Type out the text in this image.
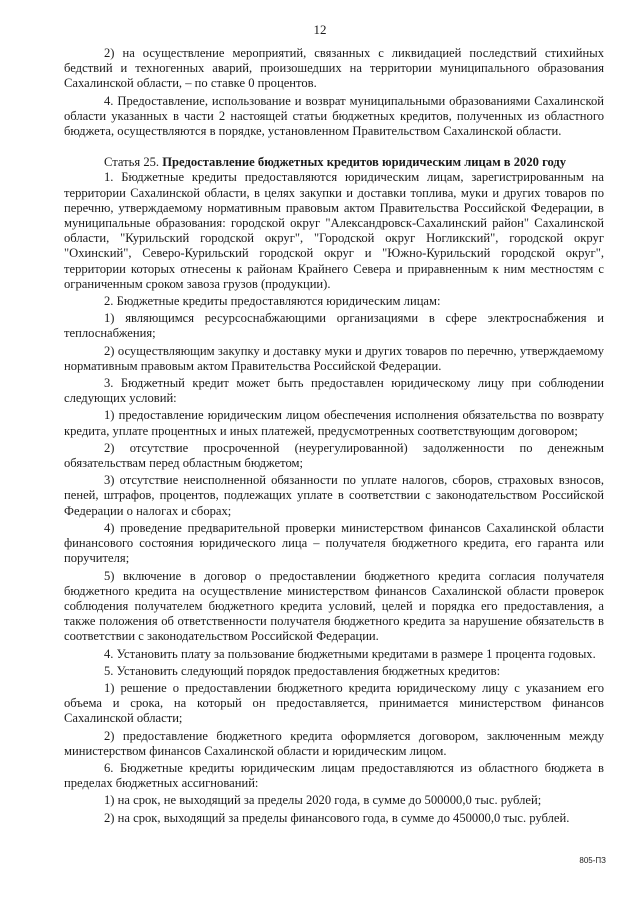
12

2) на осуществление мероприятий, связанных с ликвидацией последствий стихийных бедствий и техногенных аварий, произошедших на территории муниципального образования Сахалинской области, – по ставке 0 процентов.

4. Предоставление, использование и возврат муниципальными образованиями Сахалинской области указанных в части 2 настоящей статьи бюджетных кредитов, полученных из областного бюджета, осуществляются в порядке, установленном Правительством Сахалинской области.

Статья 25. Предоставление бюджетных кредитов юридическим лицам в 2020 году

1. Бюджетные кредиты предоставляются юридическим лицам, зарегистрированным на территории Сахалинской области, в целях закупки и доставки топлива, муки и других товаров по перечню, утверждаемому нормативным правовым актом Правительства Российской Федерации, в муниципальные образования: городской округ "Александровск-Сахалинский район" Сахалинской области, "Курильский городской округ", "Городской округ Ногликский", городской округ "Охинский", Северо-Курильский городской округ и "Южно-Курильский городской округ", территории которых отнесены к районам Крайнего Севера и приравненным к ним местностям с ограниченным сроком завоза грузов (продукции).

2. Бюджетные кредиты предоставляются юридическим лицам:

1) являющимся ресурсоснабжающими организациями в сфере электроснабжения и теплоснабжения;

2) осуществляющим закупку и доставку муки и других товаров по перечню, утверждаемому нормативным правовым актом Правительства Российской Федерации.

3. Бюджетный кредит может быть предоставлен юридическому лицу при соблюдении следующих условий:

1) предоставление юридическим лицом обеспечения исполнения обязательства по возврату кредита, уплате процентных и иных платежей, предусмотренных соответствующим договором;

2) отсутствие просроченной (неурегулированной) задолженности по денежным обязательствам перед областным бюджетом;

3) отсутствие неисполненной обязанности по уплате налогов, сборов, страховых взносов, пеней, штрафов, процентов, подлежащих уплате в соответствии с законодательством Российской Федерации о налогах и сборах;

4) проведение предварительной проверки министерством финансов Сахалинской области финансового состояния юридического лица – получателя бюджетного кредита, его гаранта или поручителя;

5) включение в договор о предоставлении бюджетного кредита согласия получателя бюджетного кредита на осуществление министерством финансов Сахалинской области проверок соблюдения получателем бюджетного кредита условий, целей и порядка его предоставления, а также положения об ответственности получателя бюджетного кредита за нарушение обязательств в соответствии с законодательством Российской Федерации.

4. Установить плату за пользование бюджетными кредитами в размере 1 процента годовых.

5. Установить следующий порядок предоставления бюджетных кредитов:

1) решение о предоставлении бюджетного кредита юридическому лицу с указанием его объема и срока, на который он предоставляется, принимается министерством финансов Сахалинской области;

2) предоставление бюджетного кредита оформляется договором, заключенным между министерством финансов Сахалинской области и юридическим лицом.

6. Бюджетные кредиты юридическим лицам предоставляются из областного бюджета в пределах бюджетных ассигнований:

1) на срок, не выходящий за пределы 2020 года, в сумме до 500000,0 тыс. рублей;

2) на срок, выходящий за пределы финансового года, в сумме до 450000,0 тыс. рублей.

805-ПЗ
